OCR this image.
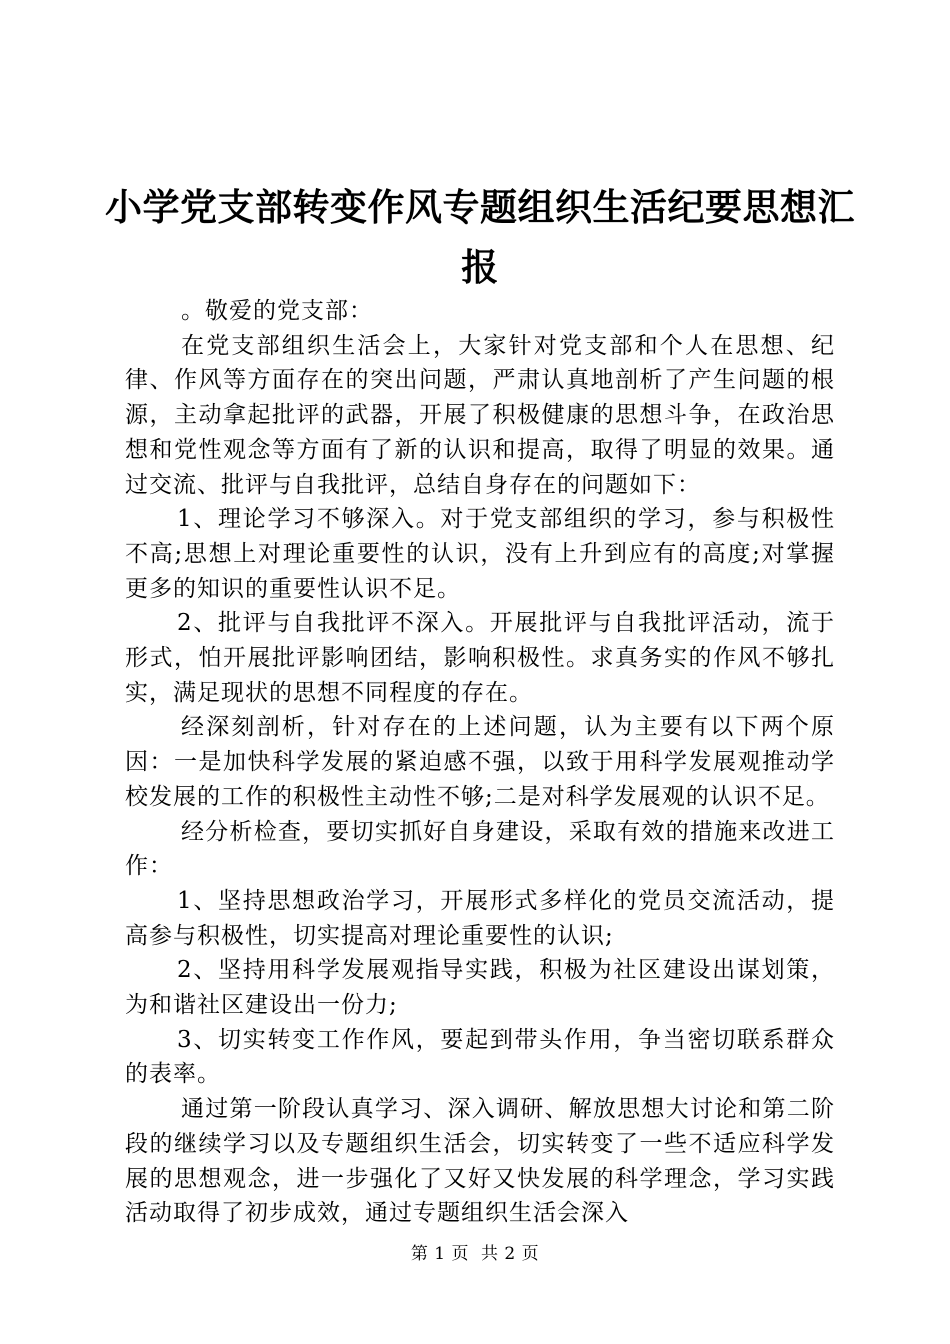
小学党支部转变作风专题组织生活纪要思想汇报

。敬爱的党支部：

在党支部组织生活会上，大家针对党支部和个人在思想、纪律、作风等方面存在的突出问题，严肃认真地剖析了产生问题的根源，主动拿起批评的武器，开展了积极健康的思想斗争，在政治思想和党性观念等方面有了新的认识和提高，取得了明显的效果。通过交流、批评与自我批评，总结自身存在的问题如下：

1、理论学习不够深入。对于党支部组织的学习，参与积极性不高;思想上对理论重要性的认识，没有上升到应有的高度;对掌握更多的知识的重要性认识不足。

2、批评与自我批评不深入。开展批评与自我批评活动，流于形式，怕开展批评影响团结，影响积极性。求真务实的作风不够扎实，满足现状的思想不同程度的存在。

经深刻剖析，针对存在的上述问题，认为主要有以下两个原因：一是加快科学发展的紧迫感不强，以致于用科学发展观推动学校发展的工作的积极性主动性不够;二是对科学发展观的认识不足。

经分析检查，要切实抓好自身建设，采取有效的措施来改进工作：

1、坚持思想政治学习，开展形式多样化的党员交流活动，提高参与积极性，切实提高对理论重要性的认识;

2、坚持用科学发展观指导实践，积极为社区建设出谋划策，为和谐社区建设出一份力;

3、切实转变工作作风，要起到带头作用，争当密切联系群众的表率。

通过第一阶段认真学习、深入调研、解放思想大讨论和第二阶段的继续学习以及专题组织生活会，切实转变了一些不适应科学发展的思想观念，进一步强化了又好又快发展的科学理念，学习实践活动取得了初步成效，通过专题组织生活会深入

第 1 页 共 2 页
